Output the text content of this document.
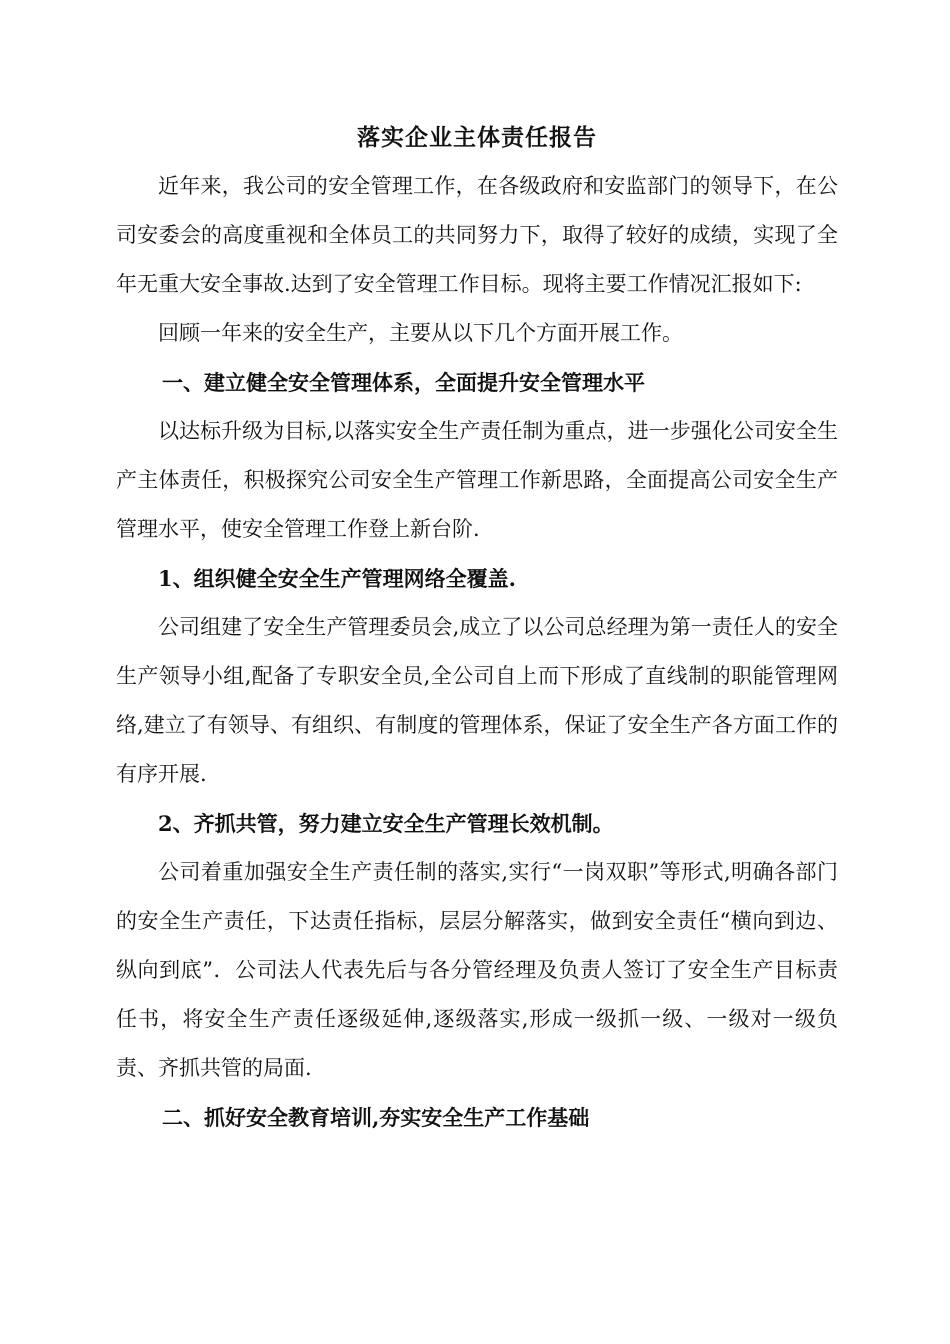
落实企业主体责任报告

近年来，我公司的安全管理工作，在各级政府和安监部门的领导下，在公司安委会的高度重视和全体员工的共同努力下，取得了较好的成绩，实现了全年无重大安全事故.达到了安全管理工作目标。现将主要工作情况汇报如下:

回顾一年来的安全生产，主要从以下几个方面开展工作。

一、建立健全安全管理体系，全面提升安全管理水平

以达标升级为目标,以落实安全生产责任制为重点，进一步强化公司安全生产主体责任，积极探究公司安全生产管理工作新思路，全面提高公司安全生产管理水平，使安全管理工作登上新台阶.

1、组织健全安全生产管理网络全覆盖.

公司组建了安全生产管理委员会,成立了以公司总经理为第一责任人的安全生产领导小组,配备了专职安全员,全公司自上而下形成了直线制的职能管理网络,建立了有领导、有组织、有制度的管理体系，保证了安全生产各方面工作的有序开展.

2、齐抓共管，努力建立安全生产管理长效机制。

公司着重加强安全生产责任制的落实,实行“一岗双职”等形式,明确各部门的安全生产责任，下达责任指标，层层分解落实，做到安全责任“横向到边、纵向到底”．公司法人代表先后与各分管经理及负责人签订了安全生产目标责任书，将安全生产责任逐级延伸,逐级落实,形成一级抓一级、一级对一级负责、齐抓共管的局面.

二、抓好安全教育培训,夯实安全生产工作基础
